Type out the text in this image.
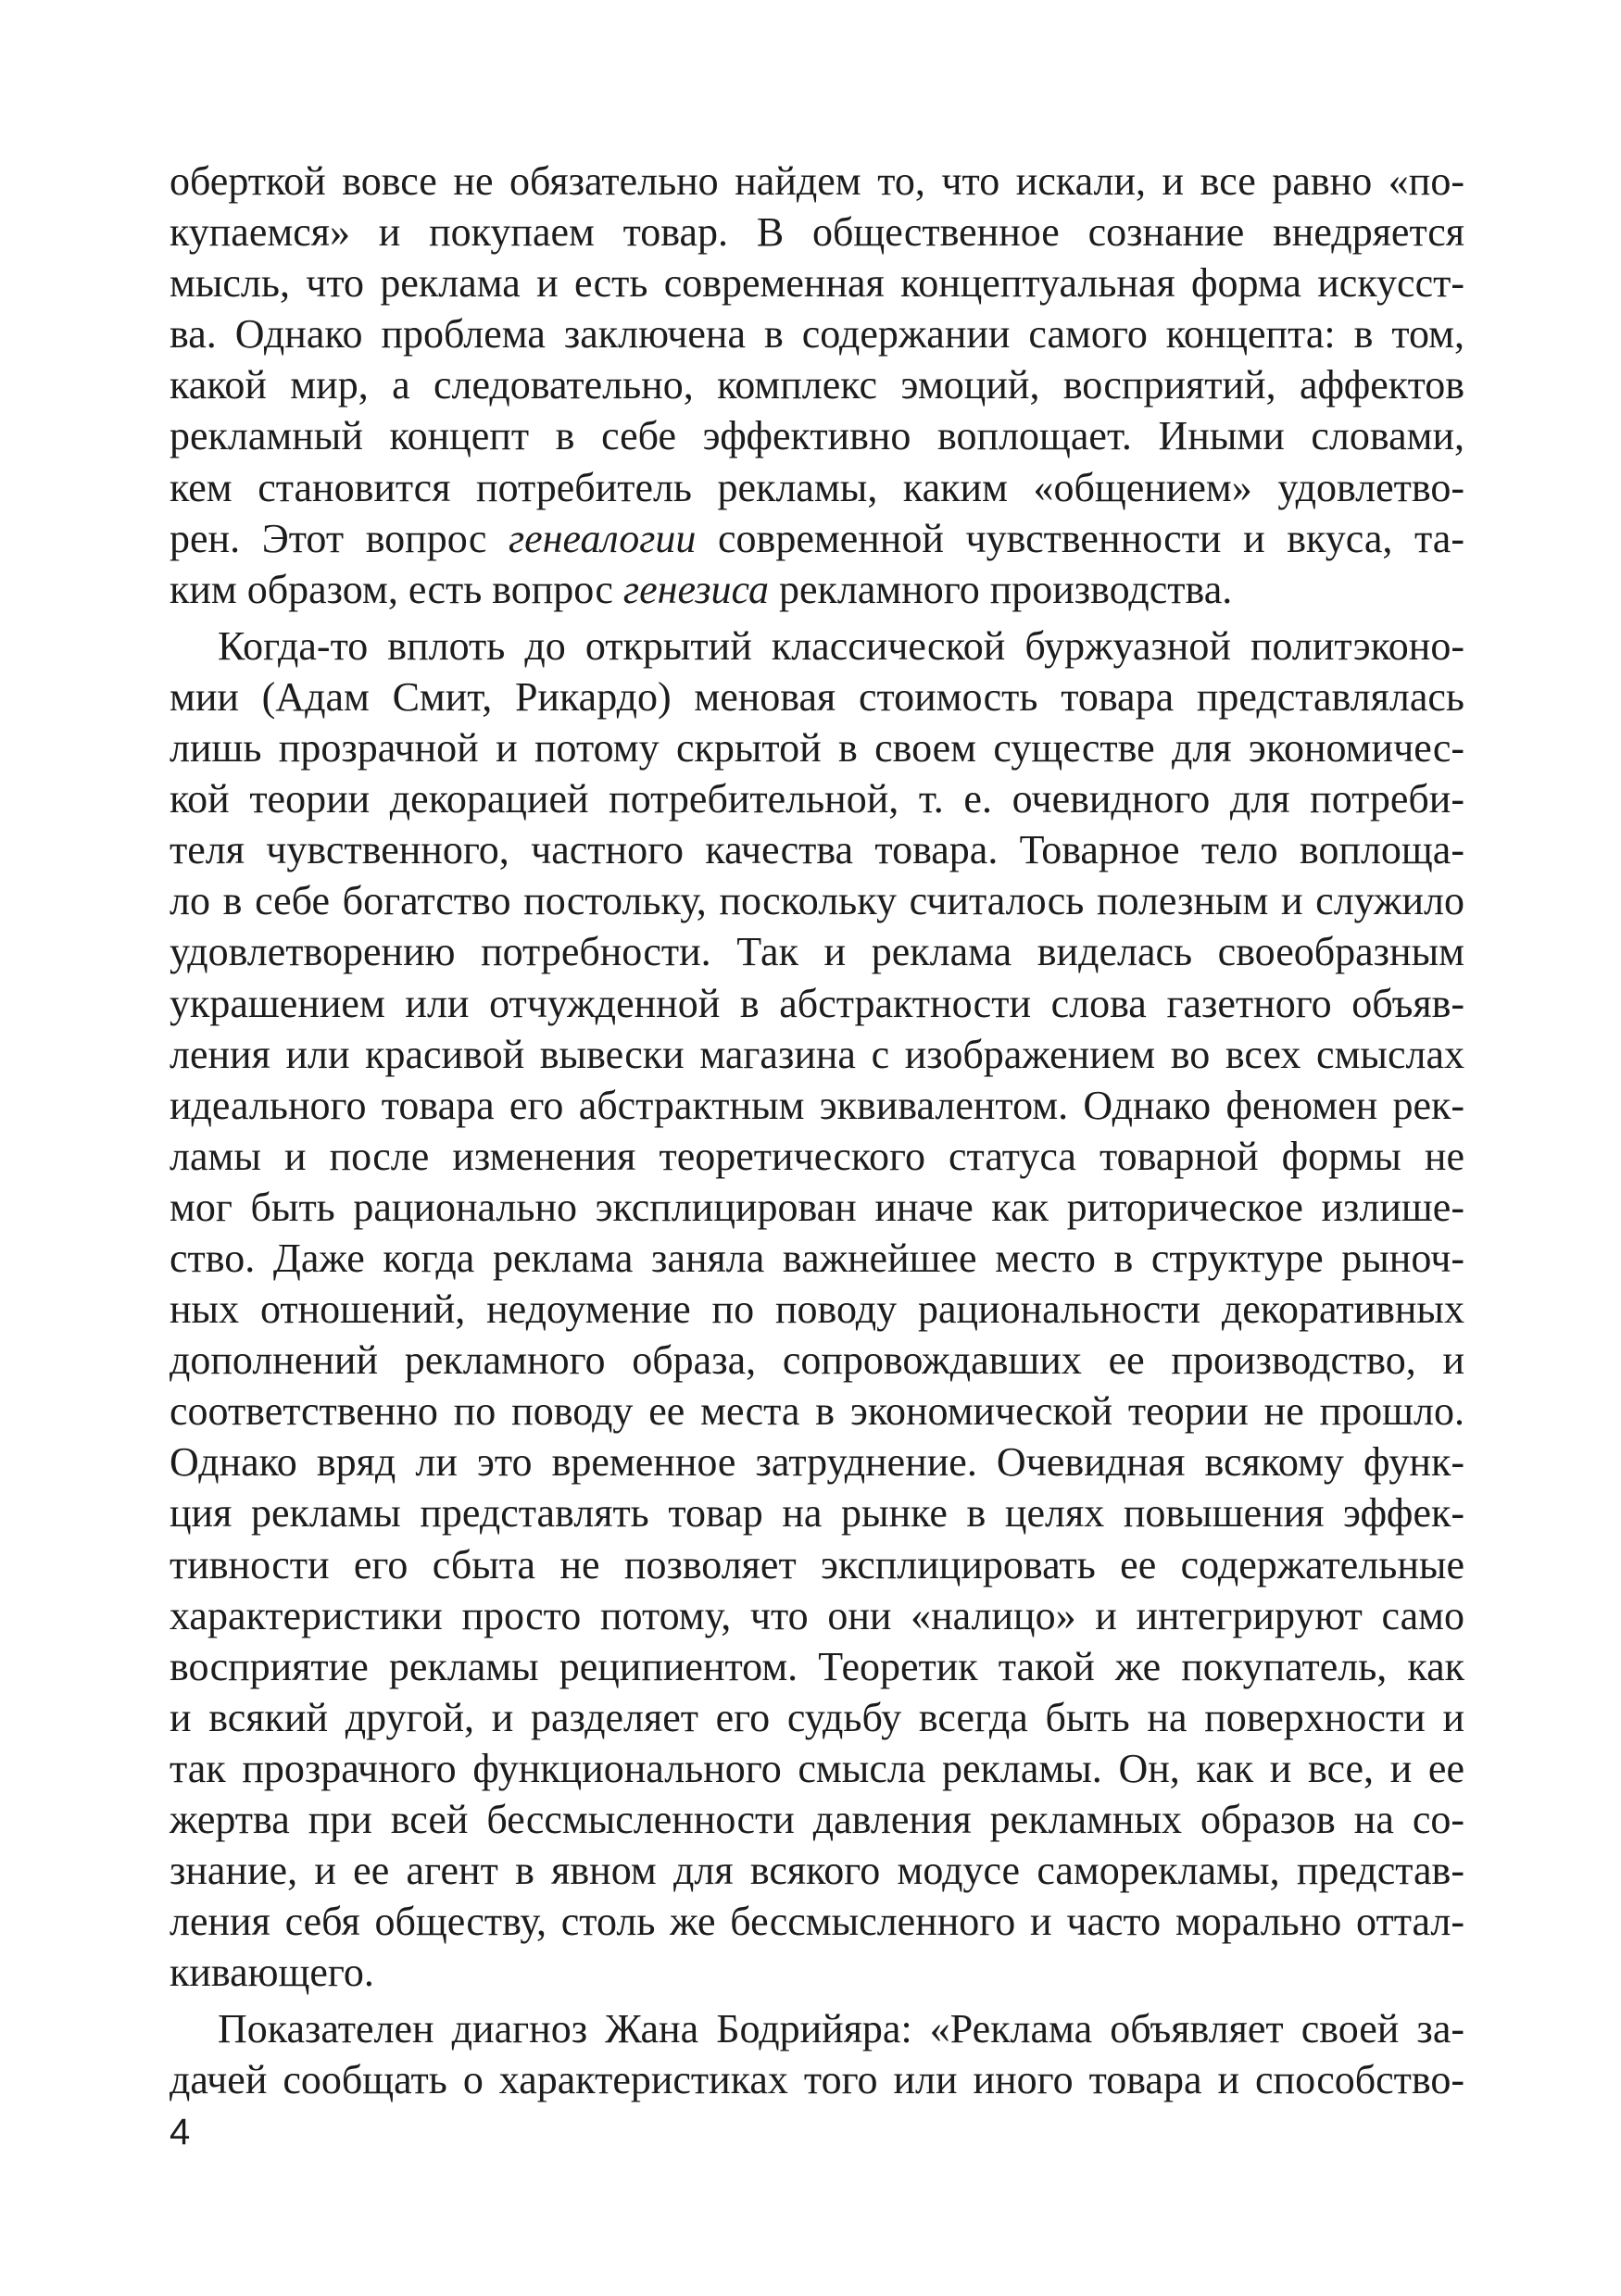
оберткой вовсе не обязательно найдем то, что искали, и все равно «по-
купаемся» и покупаем товар. В общественное сознание внедряется
мысль, что реклама и есть современная концептуальная форма искусст-
ва. Однако проблема заключена в содержании самого концепта: в том,
какой мир, а следовательно, комплекс эмоций, восприятий, аффектов
рекламный концепт в себе эффективно воплощает. Иными словами,
кем становится потребитель рекламы, каким «общением» удовлетво-
рен. Этот вопрос генеалогии современной чувственности и вкуса, та-
ким образом, есть вопрос генезиса рекламного производства.
Когда-то вплоть до открытий классической буржуазной политэконо-
мии (Адам Смит, Рикардо) меновая стоимость товара представлялась
лишь прозрачной и потому скрытой в своем существе для экономичес-
кой теории декорацией потребительной, т. е. очевидного для потреби-
теля чувственного, частного качества товара. Товарное тело воплоща-
ло в себе богатство постольку, поскольку считалось полезным и служило
удовлетворению потребности. Так и реклама виделась своеобразным
украшением или отчужденной в абстрактности слова газетного объяв-
ления или красивой вывески магазина с изображением во всех смыслах
идеального товара его абстрактным эквивалентом. Однако феномен рек-
ламы и после изменения теоретического статуса товарной формы не
мог быть рационально эксплицирован иначе как риторическое излише-
ство. Даже когда реклама заняла важнейшее место в структуре рыноч-
ных отношений, недоумение по поводу рациональности декоративных
дополнений рекламного образа, сопровождавших ее производство, и
соответственно по поводу ее места в экономической теории не прошло.
Однако вряд ли это временное затруднение. Очевидная всякому функ-
ция рекламы представлять товар на рынке в целях повышения эффек-
тивности его сбыта не позволяет эксплицировать ее содержательные
характеристики просто потому, что они «налицо» и интегрируют само
восприятие рекламы реципиентом. Теоретик такой же покупатель, как
и всякий другой, и разделяет его судьбу всегда быть на поверхности и
так прозрачного функционального смысла рекламы. Он, как и все, и ее
жертва при всей бессмысленности давления рекламных образов на со-
знание, и ее агент в явном для всякого модусе саморекламы, представ-
ления себя обществу, столь же бессмысленного и часто морально оттал-
кивающего.
Показателен диагноз Жана Бодрийяра: «Реклама объявляет своей за-
дачей сообщать о характеристиках того или иного товара и способство-
4
